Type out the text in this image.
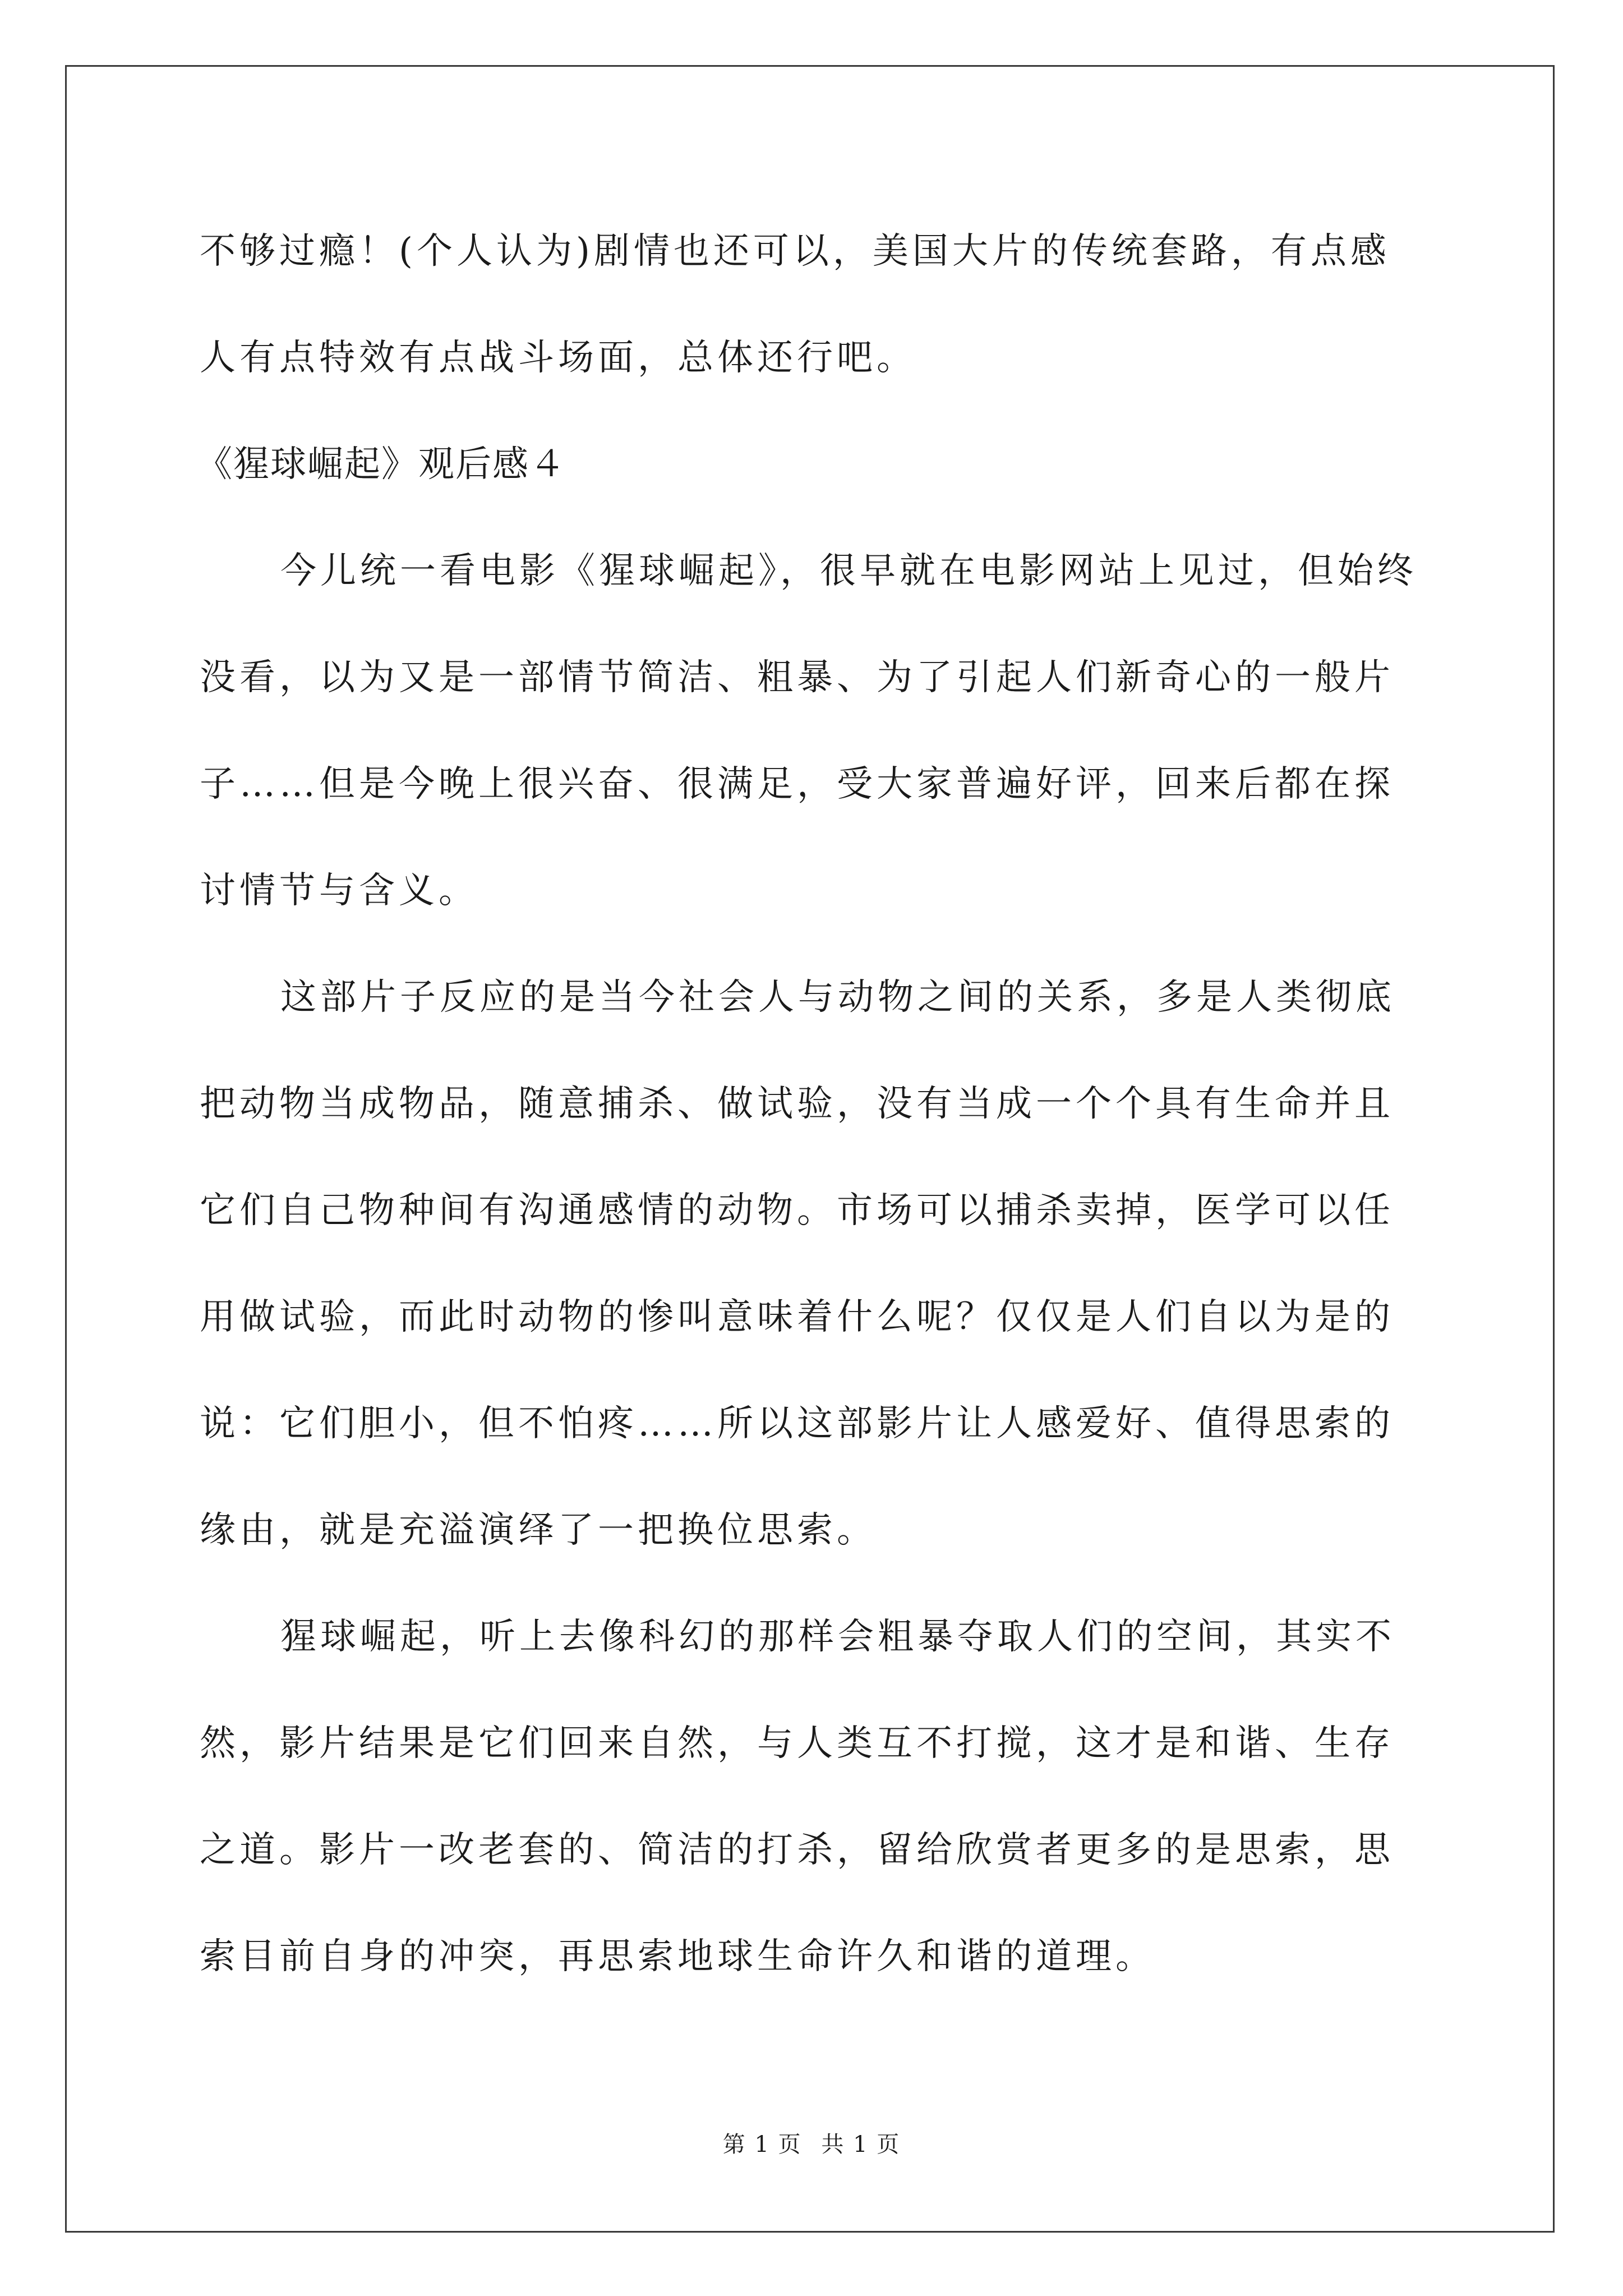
不够过瘾！(个人认为)剧情也还可以，美国大片的传统套路，有点感
人有点特效有点战斗场面，总体还行吧。
《猩球崛起》观后感４
今儿统一看电影《猩球崛起》，很早就在电影网站上见过，但始终
没看，以为又是一部情节简洁、粗暴、为了引起人们新奇心的一般片
子……但是今晚上很兴奋、很满足，受大家普遍好评，回来后都在探
讨情节与含义。
这部片子反应的是当今社会人与动物之间的关系，多是人类彻底
把动物当成物品，随意捕杀、做试验，没有当成一个个具有生命并且
它们自己物种间有沟通感情的动物。市场可以捕杀卖掉，医学可以任
用做试验，而此时动物的惨叫意味着什么呢？仅仅是人们自以为是的
说：它们胆小，但不怕疼……所以这部影片让人感爱好、值得思索的
缘由，就是充溢演绎了一把换位思索。
猩球崛起，听上去像科幻的那样会粗暴夺取人们的空间，其实不
然，影片结果是它们回来自然，与人类互不打搅，这才是和谐、生存
之道。影片一改老套的、简洁的打杀，留给欣赏者更多的是思索，思
索目前自身的冲突，再思索地球生命许久和谐的道理。
第 1 页 共 1 页
